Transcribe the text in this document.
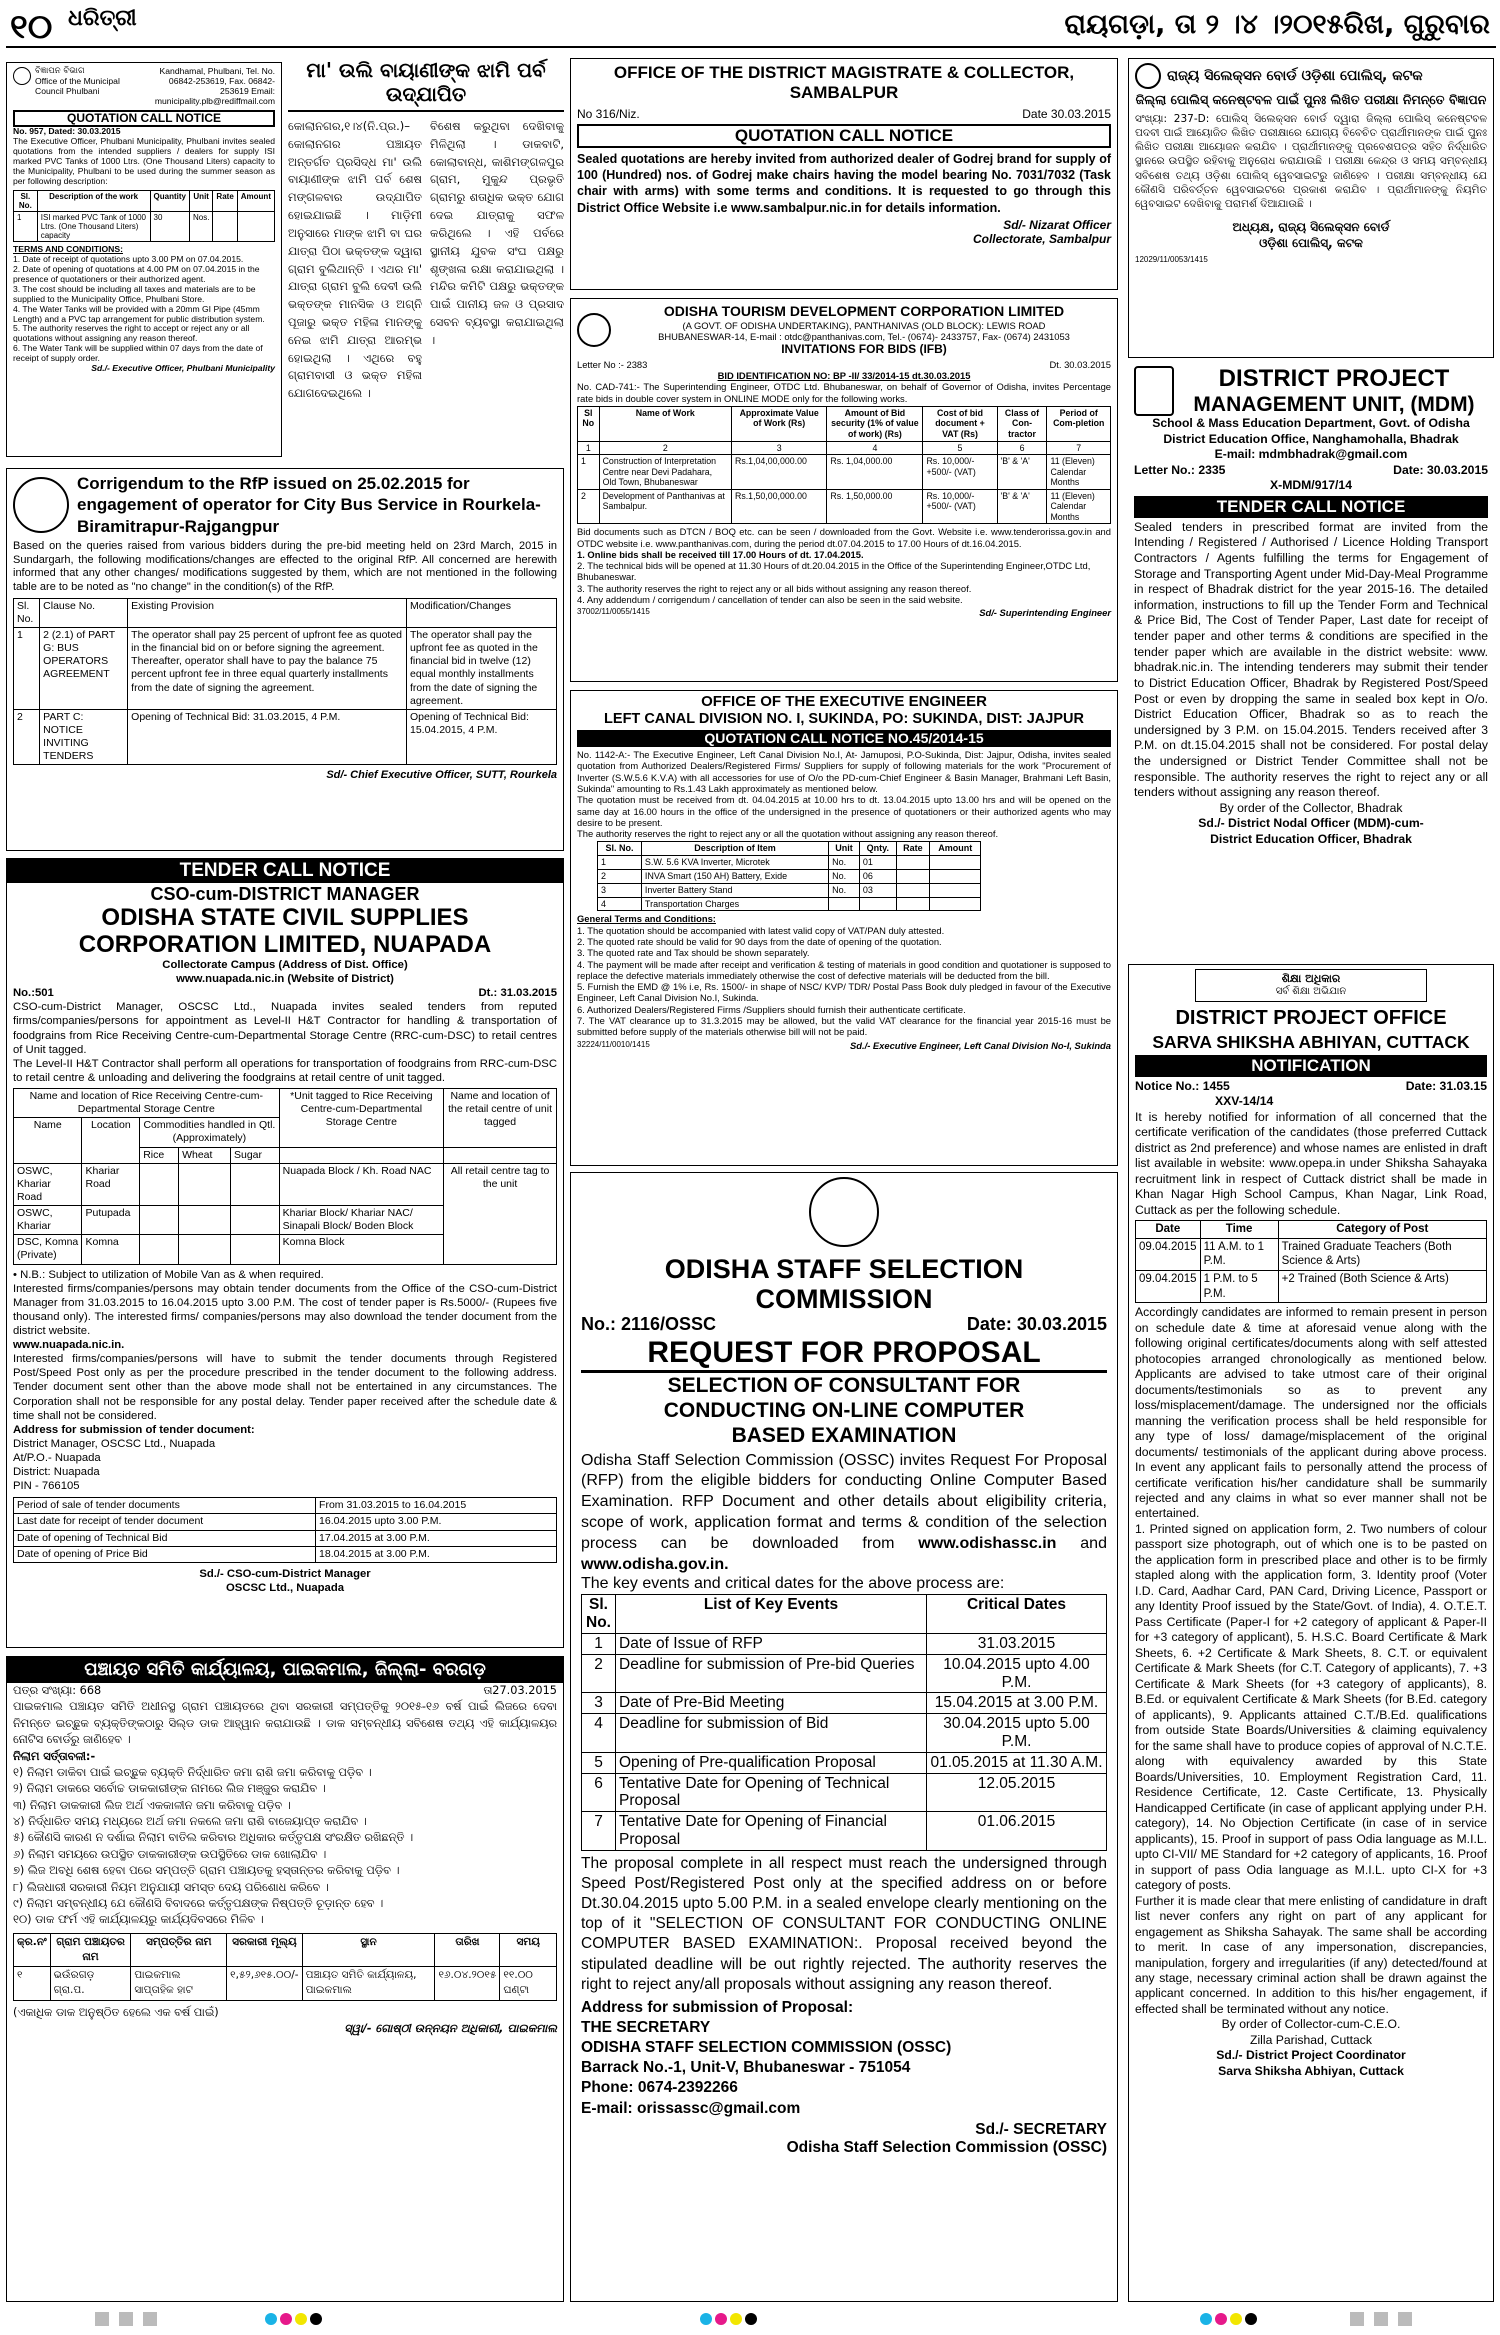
୧୦ ଧରିତ୍ରୀ	ରାୟଗଡ଼ା, ତା ୨ ।୪ ।୨୦୧୫ରିଖ, ଗୁରୁବାର
ବିଜ୍ଞାପନ ବିଭାଗ
Office of the Municipal Council Phulbani
Kandhamal, Phulbani, Tel. No. 06842-253619, Fax. 06842-253619 Email: municipality.plb@rediffmail.com
QUOTATION CALL NOTICE
No. 957, Dated: 30.03.2015
The Executive Officer, Phulbani Municipality, Phulbani invites sealed quotations from the intended suppliers / dealers for supply ISI marked PVC Tanks of 1000 Ltrs. (One Thousand Liters) capacity to the Municipality, Phulbani to be used during the summer season as per following description:
Sl. No.	Description of the work	Quantity	Unit	Rate	Amount
1	ISI marked PVC Tank of 1000 Ltrs. (One Thousand Liters) capacity	30	Nos.		
TERMS AND CONDITIONS:
1. Date of receipt of quotations upto 3.00 PM on 07.04.2015.
2. Date of opening of quotations at 4.00 PM on 07.04.2015 in the presence of quotationers or their authorized agent.
3. The cost should be including all taxes and materials are to be supplied to the Municipality Office, Phulbani Store.
4. The Water Tanks will be provided with a 20mm GI Pipe (45mm Length) and a PVC tap arrangement for public distribution system.
5. The authority reserves the right to accept or reject any or all quotations without assigning any reason thereof.
6. The Water Tank will be supplied within 07 days from the date of receipt of supply order.
Sd./- Executive Officer, Phulbani Municipality
ମା' ଉଲି ବାୟାଣୀଙ୍କ ଝାମି ପର୍ବ ଉଦ୍‌ଯାପିତ
କୋଲାନଗର,୧।୪(ନି.ପ୍ର.)– କୋଲାନଗର ପଞ୍ଚାୟତ ଅନ୍ତର୍ଗତ ପ୍ରସିଦ୍ଧ ମା' ଉଲି ବାୟାଣୀଙ୍କ ଝାମି ପର୍ବ ଶେଷ ମଙ୍ଗଳବାର ଉଦ୍‌ଯାପିତ ହୋଇଯାଇଛି । ମାଡ଼ିମୀ ଅନୁସାରେ ମାଙ୍କ ଝାମି ବା ଘର ଯାତ୍ରା ପିଠା ଭକ୍ତଙ୍କ ଦ୍ୱାରା ଗ୍ରାମ ବୁଲିଥାନ୍ତି । ଏଥର ମା' ଯାତ୍ରା ଗ୍ରାମ ବୁଲି ଦେବୀ ଉଲି ଭକ୍ତଙ୍କ ମାନସିକ ଓ ଅଗ୍ନି ପୂଜାରୁ ଭକ୍ତ ମହିଳା ମାନଙ୍କୁ ନେଇ ଝାମି ଯାତ୍ରା ଆରମ୍ଭ ହୋଇଥିଲା । ଏଥିରେ ବହୁ ଗ୍ରାମବାସୀ ଓ ଭକ୍ତ ମହିଳା ଯୋଗଦେଇଥିଲେ ।
ବିଶେଷ କରୁଥିବା ଦେଖିବାକୁ ମିଳିଥିଲା । ଡାକବାଟି, କୋଲାବାନ୍ଧ, କାଶିମଙ୍ଗଳପୁର ଗ୍ରାମ, ମୁକୁନ୍ଦ ପ୍ରଭୃତି ଗ୍ରାମରୁ ଶତାଧିକ ଭକ୍ତ ଯୋଗ ଦେଇ ଯାତ୍ରାକୁ ସଫଳ କରିଥିଲେ । ଏହି ପର୍ବରେ ସ୍ଥାନୀୟ ଯୁବକ ସଂଘ ପକ୍ଷରୁ ଶୃଙ୍ଖଳା ରକ୍ଷା କରାଯାଇଥିଲା । ମନ୍ଦିର କମିଟି ପକ୍ଷରୁ ଭକ୍ତଙ୍କ ପାଇଁ ପାନୀୟ ଜଳ ଓ ପ୍ରସାଦ ସେବନ ବ୍ୟବସ୍ଥା କରାଯାଇଥିଲା ।
OFFICE OF THE DISTRICT MAGISTRATE & COLLECTOR, SAMBALPUR
No 316/Niz.	Date 30.03.2015
QUOTATION CALL NOTICE
Sealed quotations are hereby invited from authorized dealer of Godrej brand for supply of 100 (Hundred) nos. of Godrej make chairs having the model bearing No. 7031/7032 (Task chair with arms) with some terms and conditions. It is requested to go through this District Office Website i.e www.sambalpur.nic.in for details information.
Sd/- Nizarat Officer
Collectorate, Sambalpur
ରାଜ୍ୟ ସିଲେକ୍‌ସନ ବୋର୍ଡ ଓଡ଼ିଶା ପୋଲିସ୍, କଟକ
ଜିଲ୍ଲା ପୋଲିସ୍ କନେଷ୍ଟବଳ ପାଇଁ ପୁନଃ ଲିଖିତ ପରୀକ୍ଷା ନିମନ୍ତେ ବିଜ୍ଞାପନ
ସଂଖ୍ୟା: 237-D: ପୋଲିସ୍ ସିଲେକ୍‌ସନ ବୋର୍ଡ ଦ୍ୱାରା ଜିଲ୍ଲା ପୋଲିସ୍ କନେଷ୍ଟବଳ ପଦବୀ ପାଇଁ ଆୟୋଜିତ ଲିଖିତ ପରୀକ୍ଷାରେ ଯୋଗ୍ୟ ବିବେଚିତ ପ୍ରାର୍ଥୀମାନଙ୍କ ପାଇଁ ପୁନଃ ଲିଖିତ ପରୀକ୍ଷା ଆୟୋଜନ କରାଯିବ । ପ୍ରାର୍ଥୀମାନଙ୍କୁ ପ୍ରବେଶପତ୍ର ସହିତ ନିର୍ଦ୍ଧାରିତ ସ୍ଥାନରେ ଉପସ୍ଥିତ ରହିବାକୁ ଅନୁରୋଧ କରାଯାଉଛି । ପରୀକ୍ଷା କେନ୍ଦ୍ର ଓ ସମୟ ସମ୍ବନ୍ଧୀୟ ସବିଶେଷ ତଥ୍ୟ ଓଡ଼ିଶା ପୋଲିସ୍ ୱେବସାଇଟରୁ ଜାଣିହେବ । ପରୀକ୍ଷା ସମ୍ବନ୍ଧୀୟ ଯେ କୌଣସି ପରିବର୍ତ୍ତନ ୱେବସାଇଟରେ ପ୍ରକାଶ କରାଯିବ । ପ୍ରାର୍ଥୀମାନଙ୍କୁ ନିୟମିତ ୱେବସାଇଟ ଦେଖିବାକୁ ପରାମର୍ଶ ଦିଆଯାଉଛି ।
ଅଧ୍ୟକ୍ଷ, ରାଜ୍ୟ ସିଲେକ୍‌ସନ ବୋର୍ଡ
ଓଡ଼ିଶା ପୋଲିସ୍, କଟକ
12029/11/0053/1415
ODISHA TOURISM DEVELOPMENT CORPORATION LIMITED
(A GOVT. OF ODISHA UNDERTAKING), PANTHANIVAS (OLD BLOCK): LEWIS ROAD
BHUBANESWAR-14, E-mail : otdc@panthanivas.com, Tel.- (0674)- 2433757, Fax- (0674) 2431053
INVITATIONS FOR BIDS (IFB)
Letter No :- 2383	Dt. 30.03.2015
BID IDENTIFICATION NO: BP -II/ 33/2014-15 dt.30.03.2015
No. CAD-741:- The Superintending Engineer, OTDC Ltd. Bhubaneswar, on behalf of Governor of Odisha, invites Percentage rate bids in double cover system in ONLINE MODE only for the following works.
Sl No	Name of Work	Approximate Value of Work (Rs)	Amount of Bid security (1% of value of work) (Rs)	Cost of bid document + VAT (Rs)	Class of Con-tractor	Period of Com-pletion
1	2	3	4	5	6	7
1	Construction of Interpretation Centre near Devi Padahara, Old Town, Bhubaneswar	Rs.1,04,00,000.00	Rs. 1,04,000.00	Rs. 10,000/- +500/- (VAT)	'B' & 'A'	11 (Eleven) Calendar Months
2	Development of Panthanivas at Sambalpur.	Rs.1,50,00,000.00	Rs. 1,50,000.00	Rs. 10,000/- +500/- (VAT)	'B' & 'A'	11 (Eleven) Calendar Months
Bid documents such as DTCN / BOQ etc. can be seen / downloaded from the Govt. Website i.e. www.tenderorissa.gov.in and OTDC website i.e. www.panthanivas.com, during the period dt.07.04.2015 to 17.00 Hours of dt.16.04.2015.
1. Online bids shall be received till 17.00 Hours of dt. 17.04.2015.
2. The technical bids will be opened at 11.30 Hours of dt.20.04.2015 in the Office of the Superintending Engineer,OTDC Ltd, Bhubaneswar.
3. The authority reserves the right to reject any or all bids without assigning any reason thereof.
4. Any addendum / corrigendum / cancellation of tender can also be seen in the said website.
37002/11/0055/1415	Sd/- Superintending Engineer
Corrigendum to the RfP issued on 25.02.2015 for engagement of operator for City Bus Service in Rourkela-Biramitrapur-Rajgangpur
Based on the queries raised from various bidders during the pre-bid meeting held on 23rd March, 2015 in Sundargarh, the following modifications/changes are effected to the original RfP. All concerned are herewith informed that any other changes/ modifications suggested by them, which are not mentioned in the following table are to be noted as "no change" in the condition(s) of the RfP.
Sl. No.	Clause No.	Existing Provision	Modification/Changes
1	2 (2.1) of PART G: BUS OPERATORS AGREEMENT	The operator shall pay 25 percent of upfront fee as quoted in the financial bid on or before signing the agreement. Thereafter, operator shall have to pay the balance 75 percent upfront fee in three equal quarterly installments from the date of signing the agreement.	The operator shall pay the upfront fee as quoted in the financial bid in twelve (12) equal monthly installments from the date of signing the agreement.
2	PART C: NOTICE INVITING TENDERS	Opening of Technical Bid: 31.03.2015, 4 P.M.	Opening of Technical Bid: 15.04.2015, 4 P.M.
Sd/- Chief Executive Officer, SUTT, Rourkela
TENDER CALL NOTICE
CSO-cum-DISTRICT MANAGER
ODISHA STATE CIVIL SUPPLIES
CORPORATION LIMITED, NUAPADA
Collectorate Campus (Address of Dist. Office)
www.nuapada.nic.in (Website of District)
No.:501	Dt.: 31.03.2015
CSO-cum-District Manager, OSCSC Ltd., Nuapada invites sealed tenders from reputed firms/companies/persons for appointment as Level-II H&T Contractor for handling & transportation of foodgrains from Rice Receiving Centre-cum-Departmental Storage Centre (RRC-cum-DSC) to retail centres of Unit tagged.
The Level-II H&T Contractor shall perform all operations for transportation of foodgrains from RRC-cum-DSC to retail centre & unloading and delivering the foodgrains at retail centre of unit tagged.
Name and location of Rice Receiving Centre-cum-Departmental Storage Centre					*Unit tagged to Rice Receiving Centre-cum-Departmental Storage Centre	Name and location of the retail centre of unit tagged
Name	Location	Commodities handled in Qtl. (Approximately)				
		Rice	Wheat	Sugar		
OSWC, Khariar Road	Khariar Road				Nuapada Block / Kh. Road NAC	All retail centre tag to the unit
OSWC, Khariar	Putupada				Khariar Block/ Khariar NAC/ Sinapali Block/ Boden Block	
DSC, Komna (Private)	Komna				Komna Block	
• N.B.: Subject to utilization of Mobile Van as & when required.
Interested firms/companies/persons may obtain tender documents from the Office of the CSO-cum-District Manager from 31.03.2015 to 16.04.2015 upto 3.00 P.M. The cost of tender paper is Rs.5000/- (Rupees five thousand only). The interested firms/ companies/persons may also download the tender document from the district website.
www.nuapada.nic.in.
Interested firms/companies/persons will have to submit the tender documents through Registered Post/Speed Post only as per the procedure prescribed in the tender document to the following address. Tender document sent other than the above mode shall not be entertained in any circumstances. The Corporation shall not be responsible for any postal delay. Tender paper received after the schedule date & time shall not be considered.
Address for submission of tender document:
District Manager, OSCSC Ltd., Nuapada
At/P.O.- Nuapada
District: Nuapada
PIN - 766105
Period of sale of tender documents	From 31.03.2015 to 16.04.2015
Last date for receipt of tender document	16.04.2015 upto 3.00 P.M.
Date of opening of Technical Bid	17.04.2015 at 3.00 P.M.
Date of opening of Price Bid	18.04.2015 at 3.00 P.M.
Sd./- CSO-cum-District Manager
OSCSC Ltd., Nuapada
OFFICE OF THE EXECUTIVE ENGINEER
LEFT CANAL DIVISION NO. I, SUKINDA, PO: SUKINDA, DIST: JAJPUR
QUOTATION CALL NOTICE NO.45/2014-15
No. 1142-A:- The Executive Engineer, Left Canal Division No.I, At- Jamuposi, P.O-Sukinda, Dist: Jajpur, Odisha, invites sealed quotation from Authorized Dealers/Registered Firms/ Suppliers for supply of following materials for the work "Procurement of Inverter (S.W.5.6 K.V.A) with all accessories for use of O/o the PD-cum-Chief Engineer & Basin Manager, Brahmani Left Basin, Sukinda" amounting to Rs.1.43 Lakh approximately as mentioned below.
The quotation must be received from dt. 04.04.2015 at 10.00 hrs to dt. 13.04.2015 upto 13.00 hrs and will be opened on the same day at 16.00 hours in the office of the undersigned in the presence of quotationers or their authorized agents who may desire to be present.
The authority reserves the right to reject any or all the quotation without assigning any reason thereof.
Sl. No.	Description of Item	Unit	Qnty.	Rate	Amount
1	S.W. 5.6 KVA Inverter, Microtek	No.	01		
2	INVA Smart (150 AH) Battery, Exide	No.	06		
3	Inverter Battery Stand	No.	03		
4	Transportation Charges				
General Terms and Conditions:
1. The quotation should be accompanied with latest valid copy of VAT/PAN duly attested.
2. The quoted rate should be valid for 90 days from the date of opening of the quotation.
3. The quoted rate and Tax should be shown separately.
4. The payment will be made after receipt and verification & testing of materials in good condition and quotationer is supposed to replace the defective materials immediately otherwise the cost of defective materials will be deducted from the bill.
5. Furnish the EMD @ 1% i.e, Rs. 1500/- in shape of NSC/ KVP/ TDR/ Postal Pass Book duly pledged in favour of the Executive Engineer, Left Canal Division No.I, Sukinda.
6. Authorized Dealers/Registered Firms /Suppliers should furnish their authenticate certificate.
7. The VAT clearance up to 31.3.2015 may be allowed, but the valid VAT clearance for the financial year 2015-16 must be submitted before supply of the materials otherwise bill will not be paid.
32224/11/0010/1415	Sd./- Executive Engineer, Left Canal Division No-I, Sukinda
ODISHA STAFF SELECTION COMMISSION
No.: 2116/OSSC	Date: 30.03.2015
REQUEST FOR PROPOSAL
SELECTION OF CONSULTANT FOR
CONDUCTING ON-LINE COMPUTER
BASED EXAMINATION
Odisha Staff Selection Commission (OSSC) invites Request For Proposal (RFP) from the eligible bidders for conducting Online Computer Based Examination. RFP Document and other details about eligibility criteria, scope of work, application format and terms & condition of the selection process can be downloaded from www.odishassc.in and www.odisha.gov.in.
The key events and critical dates for the above process are:
Sl. No.	List of Key Events	Critical Dates
1	Date of Issue of RFP	31.03.2015
2	Deadline for submission of Pre-bid Queries	10.04.2015 upto 4.00 P.M.
3	Date of Pre-Bid Meeting	15.04.2015 at 3.00 P.M.
4	Deadline for submission of Bid	30.04.2015 upto 5.00 P.M.
5	Opening of Pre-qualification Proposal	01.05.2015 at 11.30 A.M.
6	Tentative Date for Opening of Technical Proposal	12.05.2015
7	Tentative Date for Opening of Financial Proposal	01.06.2015
The proposal complete in all respect must reach the undersigned through Speed Post/Registered Post only at the specified address on or before Dt.30.04.2015 upto 5.00 P.M. in a sealed envelope clearly mentioning on the top of it "SELECTION OF CONSULTANT FOR CONDUCTING ONLINE COMPUTER BASED EXAMINATION:. Proposal received beyond the stipulated deadline will be out rightly rejected. The authority reserves the right to reject any/all proposals without assigning any reason thereof.
Address for submission of Proposal:
THE SECRETARY
ODISHA STAFF SELECTION COMMISSION (OSSC)
Barrack No.-1, Unit-V, Bhubaneswar - 751054
Phone: 0674-2392266
E-mail: orissassc@gmail.com
Sd./- SECRETARY
Odisha Staff Selection Commission (OSSC)
DISTRICT PROJECT
MANAGEMENT UNIT, (MDM)
School & Mass Education Department, Govt. of Odisha
District Education Office, Nanghamohalla, Bhadrak
E-mail: mdmbhadrak@gmail.com
Letter No.: 2335	Date: 30.03.2015
X-MDM/917/14
TENDER CALL NOTICE
Sealed tenders in prescribed format are invited from the Intending / Registered / Authorised / Licence Holding Transport Contractors / Agents fulfilling the terms for Engagement of Storage and Transporting Agent under Mid-Day-Meal Programme in respect of Bhadrak district for the year 2015-16. The detailed information, instructions to fill up the Tender Form and Technical & Price Bid, The Cost of Tender Paper, Last date for receipt of tender paper and other terms & conditions are specified in the tender paper which are available in the district website: www. bhadrak.nic.in. The intending tenderers may submit their tender to District Education Officer, Bhadrak by Registered Post/Speed Post or even by dropping the same in sealed box kept in O/o. District Education Officer, Bhadrak so as to reach the undersigned by 3 P.M. on 15.04.2015. Tenders received after 3 P.M. on dt.15.04.2015 shall not be considered. For postal delay the undersigned or District Tender Committee shall not be responsible. The authority reserves the right to reject any or all tenders without assigning any reason thereof.
By order of the Collector, Bhadrak
Sd./- District Nodal Officer (MDM)-cum-
District Education Officer, Bhadrak
ଶିକ୍ଷା ଅଧିକାର
ସର୍ବ ଶିକ୍ଷା ଅଭିଯାନ
DISTRICT PROJECT OFFICE
SARVA SHIKSHA ABHIYAN, CUTTACK
NOTIFICATION
Notice No.: 1455	Date: 31.03.15
XXV-14/14
It is hereby notified for information of all concerned that the certificate verification of the candidates (those preferred Cuttack district as 2nd preference) and whose names are enlisted in draft list available in website: www.opepa.in under Shiksha Sahayaka recruitment link in respect of Cuttack district shall be made in Khan Nagar High School Campus, Khan Nagar, Link Road, Cuttack as per the following schedule.
Date	Time	Category of Post
09.04.2015	11 A.M. to 1 P.M.	Trained Graduate Teachers (Both Science & Arts)
09.04.2015	1 P.M. to 5 P.M.	+2 Trained (Both Science & Arts)
Accordingly candidates are informed to remain present in person on schedule date & time at aforesaid venue along with the following original certificates/documents along with self attested photocopies arranged chronologically as mentioned below. Applicants are advised to take utmost care of their original documents/testimonials so as to prevent any loss/misplacement/damage. The undersigned nor the officials manning the verification process shall be held responsible for any type of loss/ damage/misplacement of the original documents/ testimonials of the applicant during above process. In event any applicant fails to personally attend the process of certificate verification his/her candidature shall be summarily rejected and any claims in what so ever manner shall not be entertained.
1. Printed signed on application form, 2. Two numbers of colour passport size photograph, out of which one is to be pasted on the application form in prescribed place and other is to be firmly stapled along with the application form, 3. Identity proof (Voter I.D. Card, Aadhar Card, PAN Card, Driving Licence, Passport or any Identity Proof issued by the State/Govt. of India), 4. O.T.E.T. Pass Certificate (Paper-I for +2 category of applicant & Paper-II for +3 category of applicant), 5. H.S.C. Board Certificate & Mark Sheets, 6. +2 Certificate & Mark Sheets, 8. C.T. or equivalent Certificate & Mark Sheets (for C.T. Category of applicants), 7. +3 Certificate & Mark Sheets (for +3 category of applicants), 8. B.Ed. or equivalent Certificate & Mark Sheets (for B.Ed. category of applicants), 9. Applicants attained C.T./B.Ed. qualifications from outside State Boards/Universities & claiming equivalency for the same shall have to produce copies of approval of N.C.T.E. along with equivalency awarded by this State Boards/Universities, 10. Employment Registration Card, 11. Residence Certificate, 12. Caste Certificate, 13. Physically Handicapped Certificate (in case of applicant applying under P.H. category), 14. No Objection Certificate (in case of in service applicants), 15. Proof in support of pass Odia language as M.I.L. upto CI-VII/ ME Standard for +2 category of applicants, 16. Proof in support of pass Odia language as M.I.L. upto CI-X for +3 category of posts.
Further it is made clear that mere enlisting of candidature in draft list never confers any right on part of any applicant for engagement as Shiksha Sahayak. The same shall be according to merit. In case of any impersonation, discrepancies, manipulation, forgery and irregularities (if any) detected/found at any stage, necessary criminal action shall be drawn against the applicant concerned. In addition to this his/her engagement, if effected shall be terminated without any notice.
By order of Collector-cum-C.E.O.
Zilla Parishad, Cuttack
Sd./- District Project Coordinator
Sarva Shiksha Abhiyan, Cuttack
ପଞ୍ଚାୟତ ସମିତି କାର୍ଯ୍ୟାଳୟ, ପାଇକମାଲ, ଜିଲ୍ଲା- ବରଗଡ଼
ପତ୍ର ସଂଖ୍ୟା: 668	ତା27.03.2015
ପାଇକମାଲ ପଞ୍ଚାୟତ ସମିତି ଅଧୀନସ୍ଥ ଗ୍ରାମ ପଞ୍ଚାୟତରେ ଥିବା ସରକାରୀ ସମ୍ପତ୍ତିକୁ ୨୦୧୫-୧୬ ବର୍ଷ ପାଇଁ ଲିଜରେ ଦେବା ନିମନ୍ତେ ଇଚ୍ଛୁକ ବ୍ୟକ୍ତିଙ୍କଠାରୁ ସିଲ୍‌ଡ ଡାକ ଆହ୍ୱାନ କରାଯାଉଛି । ଡାକ ସମ୍ବନ୍ଧୀୟ ସବିଶେଷ ତଥ୍ୟ ଏହି କାର୍ଯ୍ୟାଳୟର ନୋଟିସ ବୋର୍ଡରୁ ଜାଣିହେବ ।
ନିଲାମ ସର୍ତ୍ତାବଳୀ:-
୧) ନିଲାମ ଡାକିବା ପାଇଁ ଇଚ୍ଛୁକ ବ୍ୟକ୍ତି ନିର୍ଦ୍ଧାରିତ ଜମା ରାଶି ଜମା କରିବାକୁ ପଡ଼ିବ ।
୨) ନିଲାମ ଡାକରେ ସର୍ବୋଚ୍ଚ ଡାକକାରୀଙ୍କ ନାମରେ ଲିଜ ମଞ୍ଜୁର କରାଯିବ ।
୩) ନିଲାମ ଡାକକାରୀ ଲିଜ ଅର୍ଥ ଏକକାଳୀନ ଜମା କରିବାକୁ ପଡ଼ିବ ।
୪) ନିର୍ଦ୍ଧାରିତ ସମୟ ମଧ୍ୟରେ ଅର୍ଥ ଜମା ନକଲେ ଜମା ରାଶି ବାଜେୟାପ୍ତ କରାଯିବ ।
୫) କୌଣସି କାରଣ ନ ଦର୍ଶାଇ ନିଲାମ ବାତିଲ କରିବାର ଅଧିକାର କର୍ତ୍ତୃପକ୍ଷ ସଂରକ୍ଷିତ ରଖିଛନ୍ତି ।
୬) ନିଲାମ ସମୟରେ ଉପସ୍ଥିତ ଡାକକାରୀଙ୍କ ଉପସ୍ଥିତିରେ ଡାକ ଖୋଲାଯିବ ।
୭) ଲିଜ ଅବଧି ଶେଷ ହେବା ପରେ ସମ୍ପତ୍ତି ଗ୍ରାମ ପଞ୍ଚାୟତକୁ ହସ୍ତାନ୍ତର କରିବାକୁ ପଡ଼ିବ ।
୮) ଲିଜଧାରୀ ସରକାରୀ ନିୟମ ଅନୁଯାୟୀ ସମସ୍ତ ଦେୟ ପରିଶୋଧ କରିବେ ।
୯) ନିଲାମ ସମ୍ବନ୍ଧୀୟ ଯେ କୌଣସି ବିବାଦରେ କର୍ତ୍ତୃପକ୍ଷଙ୍କ ନିଷ୍ପତ୍ତି ଚୂଡ଼ାନ୍ତ ହେବ ।
୧୦) ଡାକ ଫର୍ମ ଏହି କାର୍ଯ୍ୟାଳୟରୁ କାର୍ଯ୍ୟଦିବସରେ ମିଳିବ ।
କ୍ର.ନଂ	ଗ୍ରାମ ପଞ୍ଚାୟତର ନାମ	ସମ୍ପତ୍ତିର ନାମ	ସରକାରୀ ମୂଲ୍ୟ	ସ୍ଥାନ	ତାରିଖ	ସମୟ
୧	ଭଉଁରଗଡ଼ ଗ୍ରା.ପ.	ପାଇକମାଲ ସାପ୍ତାହିକ ହାଟ	୧,୫୨,୬୧୫.୦୦/-	ପଞ୍ଚାୟତ ସମିତି କାର୍ଯ୍ୟାଳୟ, ପାଇକମାଲ	୧୬.୦୪.୨୦୧୫	୧୧.୦୦ ଘଣ୍ଟା
(ଏକାଧିକ ଡାକ ଅନୁଷ୍ଠିତ ହେଲେ ଏକ ବର୍ଷ ପାଇଁ)
ସ୍ୱା/- ଗୋଷ୍ଠୀ ଉନ୍ନୟନ ଅଧିକାରୀ, ପାଇକମାଲ
